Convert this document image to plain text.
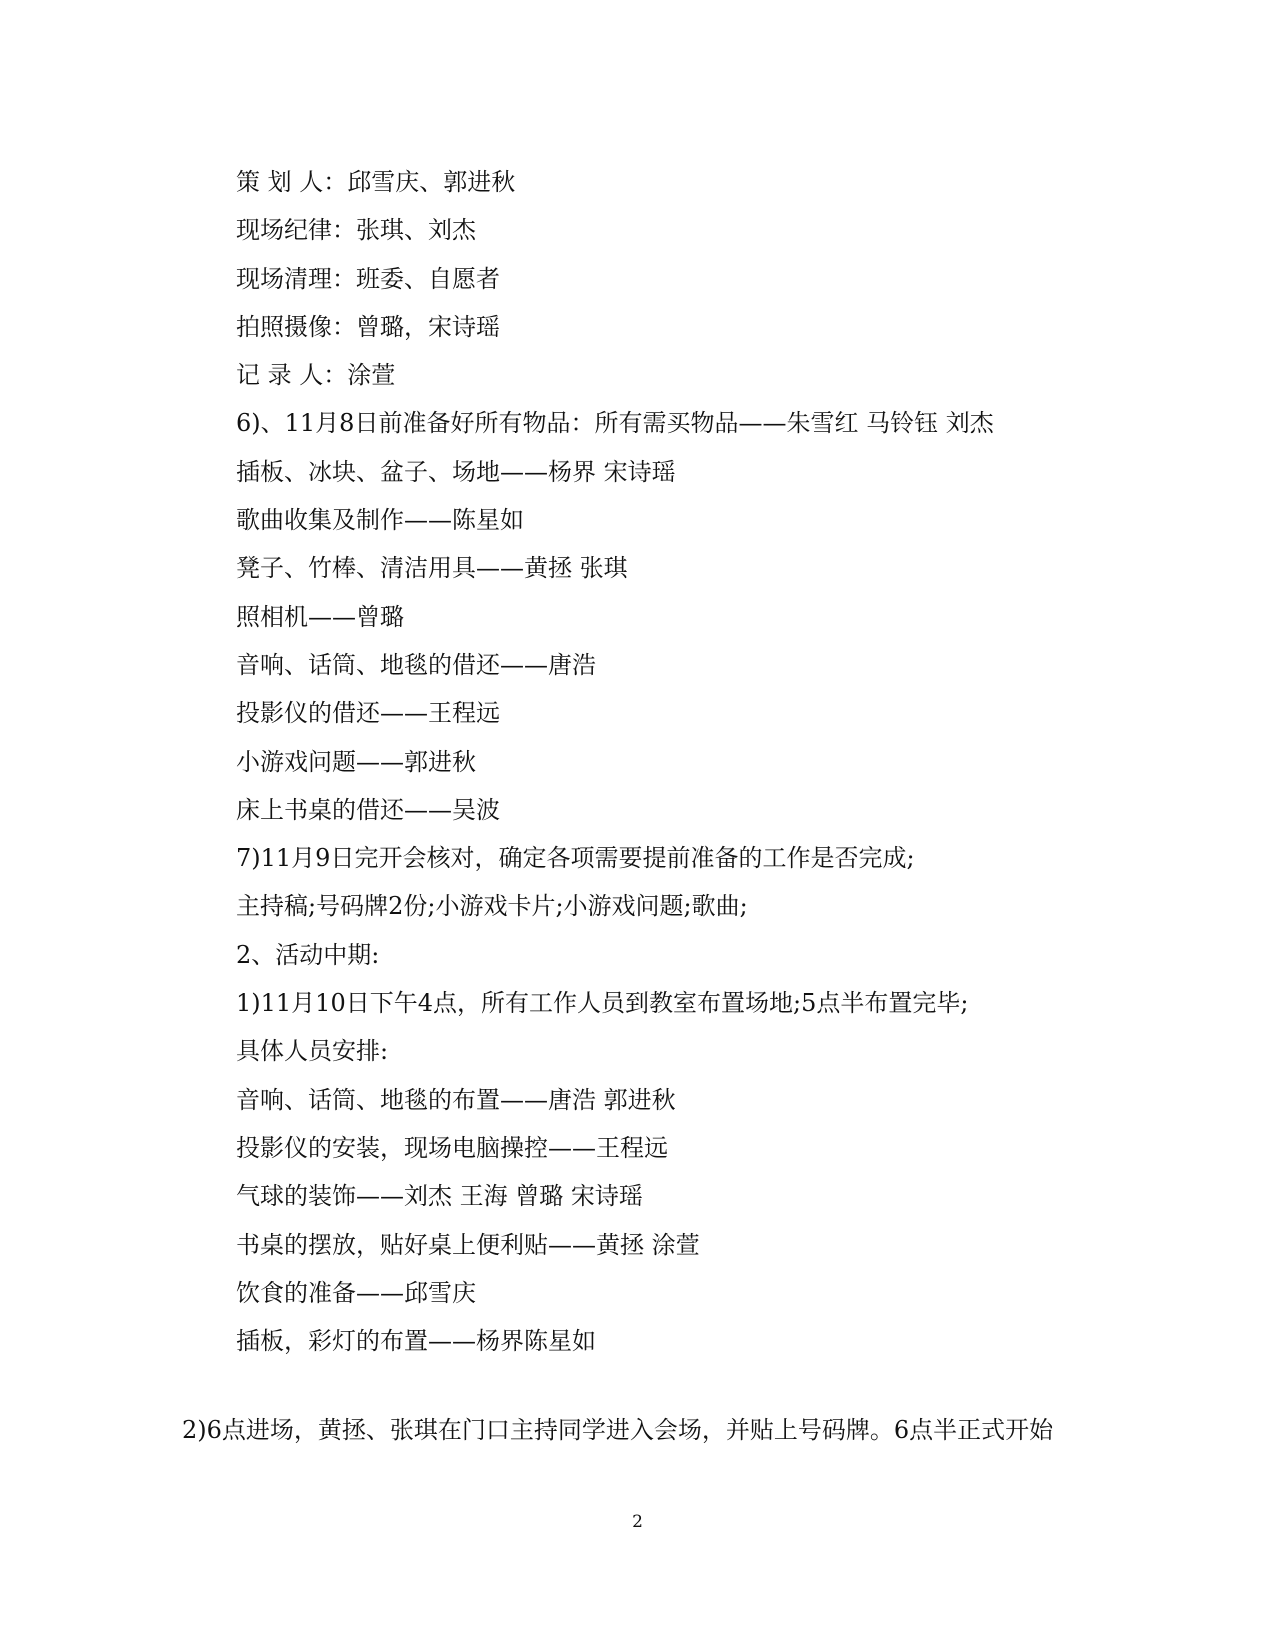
策 划 人：邱雪庆、郭进秋
现场纪律：张琪、刘杰
现场清理：班委、自愿者
拍照摄像：曾璐，宋诗瑶
记 录 人：涂萱
6)、11月8日前准备好所有物品：所有需买物品——朱雪红 马铃钰 刘杰
插板、冰块、盆子、场地——杨界 宋诗瑶
歌曲收集及制作——陈星如
凳子、竹棒、清洁用具——黄拯 张琪
照相机——曾璐
音响、话筒、地毯的借还——唐浩
投影仪的借还——王程远
小游戏问题——郭进秋
床上书桌的借还——吴波
7)11月9日完开会核对，确定各项需要提前准备的工作是否完成;
主持稿;号码牌2份;小游戏卡片;小游戏问题;歌曲;
2、活动中期:
1)11月10日下午4点，所有工作人员到教室布置场地;5点半布置完毕;
具体人员安排:
音响、话筒、地毯的布置——唐浩 郭进秋
投影仪的安装，现场电脑操控——王程远
气球的装饰——刘杰 王海 曾璐 宋诗瑶
书桌的摆放，贴好桌上便利贴——黄拯 涂萱
饮食的准备——邱雪庆
插板，彩灯的布置——杨界陈星如
2)6点进场，黄拯、张琪在门口主持同学进入会场，并贴上号码牌。6点半正式开始
2
